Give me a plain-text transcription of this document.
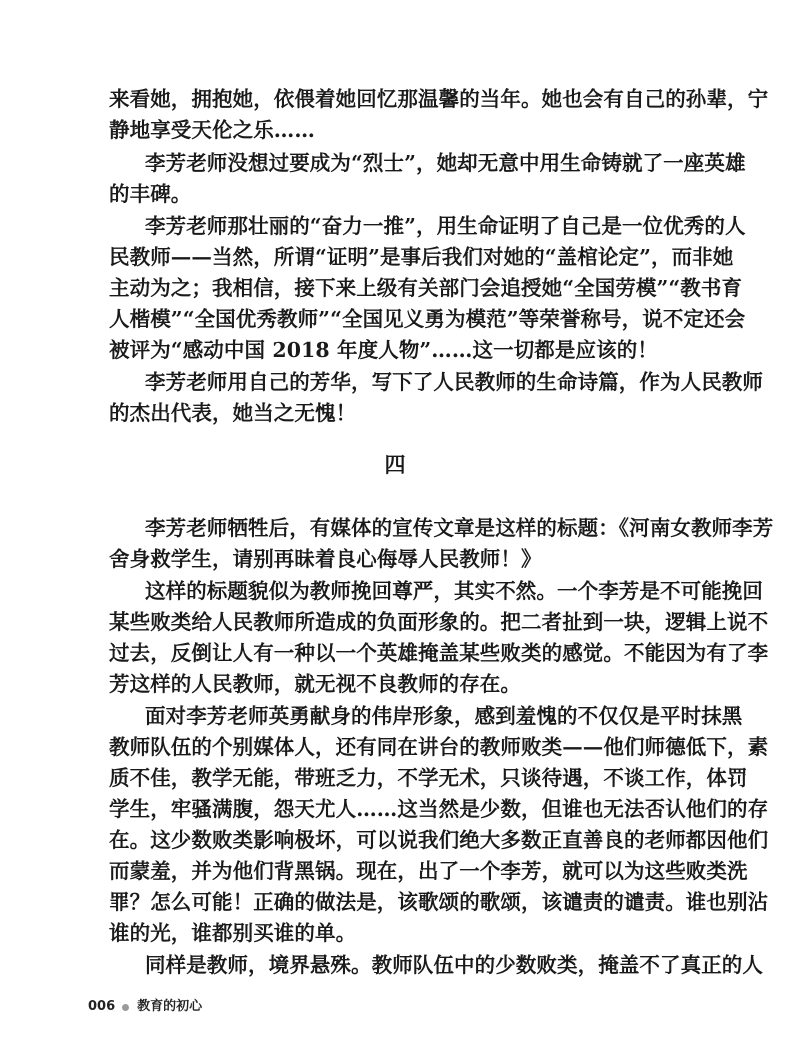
来看她，拥抱她，依偎着她回忆那温馨的当年。她也会有自己的孙辈，宁
静地享受天伦之乐……
李芳老师没想过要成为“烈士”，她却无意中用生命铸就了一座英雄
的丰碑。
李芳老师那壮丽的“奋力一推”，用生命证明了自己是一位优秀的人
民教师——当然，所谓“证明”是事后我们对她的“盖棺论定”，而非她
主动为之；我相信，接下来上级有关部门会追授她“全国劳模”“教书育
人楷模”“全国优秀教师”“全国见义勇为模范”等荣誉称号，说不定还会
被评为“感动中国 2018 年度人物”……这一切都是应该的！
李芳老师用自己的芳华，写下了人民教师的生命诗篇，作为人民教师
的杰出代表，她当之无愧！
四
李芳老师牺牲后，有媒体的宣传文章是这样的标题：《河南女教师李芳
舍身救学生，请别再昧着良心侮辱人民教师！》
这样的标题貌似为教师挽回尊严，其实不然。一个李芳是不可能挽回
某些败类给人民教师所造成的负面形象的。把二者扯到一块，逻辑上说不
过去，反倒让人有一种以一个英雄掩盖某些败类的感觉。不能因为有了李
芳这样的人民教师，就无视不良教师的存在。
面对李芳老师英勇献身的伟岸形象，感到羞愧的不仅仅是平时抹黑
教师队伍的个别媒体人，还有同在讲台的教师败类——他们师德低下，素
质不佳，教学无能，带班乏力，不学无术，只谈待遇，不谈工作，体罚
学生，牢骚满腹，怨天尤人……这当然是少数，但谁也无法否认他们的存
在。这少数败类影响极坏，可以说我们绝大多数正直善良的老师都因他们
而蒙羞，并为他们背黑锅。现在，出了一个李芳，就可以为这些败类洗
罪？怎么可能！正确的做法是，该歌颂的歌颂，该谴责的谴责。谁也别沾
谁的光，谁都别买谁的单。
同样是教师，境界悬殊。教师队伍中的少数败类，掩盖不了真正的人
006 教育的初心
